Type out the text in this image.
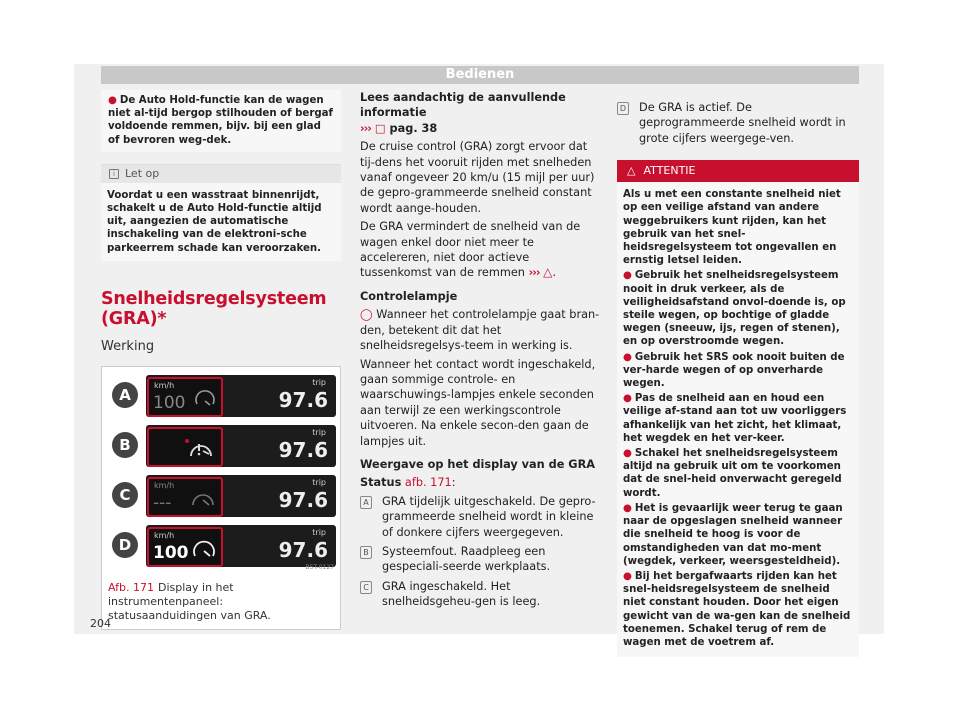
Bedienen
● De Auto Hold-functie kan de wagen niet al-tijd bergop stilhouden of bergaf voldoende remmen, bijv. bij een glad of bevroren weg-dek.
i Let op
Voordat u een wasstraat binnenrijdt, schakelt u de Auto Hold-functie altijd uit, aangezien de automatische inschakeling van de elektroni-sche parkeerrem schade kan veroorzaken.
Snelheidsregelsysteem (GRA)*
Werking
A
km/h
100
trip
97.6
B
trip
97.6
C
km/h
---
trip
97.6
D
km/h
100
trip
97.6
B5T-0127
Afb. 171 Display in het instrumentenpaneel: statusaanduidingen van GRA.

Lees aandachtig de aanvullende informatie
››› □ pag. 38

De cruise control (GRA) zorgt ervoor dat tij-dens het vooruit rijden met snelheden vanaf ongeveer 20 km/u (15 mijl per uur) de gepro-grammeerde snelheid constant wordt aange-houden.

De GRA vermindert de snelheid van de wagen enkel door niet meer te accelereren, niet door actieve tussenkomst van de remmen ››› △.

Controlelampje

◯ Wanneer het controlelampje gaat bran-den, betekent dit dat het snelheidsregelsys-teem in werking is.

Wanneer het contact wordt ingeschakeld, gaan sommige controle- en waarschuwings-lampjes enkele seconden aan terwijl ze een werkingscontrole uitvoeren. Na enkele secon-den gaan de lampjes uit.

Weergave op het display van de GRA

Status afb. 171:

A GRA tijdelijk uitgeschakeld. De gepro-grammeerde snelheid wordt in kleine of donkere cijfers weergegeven.
B Systeemfout. Raadpleeg een gespeciali-seerde werkplaats.
C GRA ingeschakeld. Het snelheidsgeheu-gen is leeg.
D De GRA is actief. De geprogrammeerde snelheid wordt in grote cijfers weergege-ven.
△ ATTENTIE

Als u met een constante snelheid niet op een veilige afstand van andere weggebruikers kunt rijden, kan het gebruik van het snel-heidsregelsysteem tot ongevallen en ernstig letsel leiden.

● Gebruik het snelheidsregelsysteem nooit in druk verkeer, als de veiligheidsafstand onvol-doende is, op steile wegen, op bochtige of gladde wegen (sneeuw, ijs, regen of stenen), en op overstroomde wegen.

● Gebruik het SRS ook nooit buiten de ver-harde wegen of op onverharde wegen.

● Pas de snelheid aan en houd een veilige af-stand aan tot uw voorliggers afhankelijk van het zicht, het klimaat, het wegdek en het ver-keer.

● Schakel het snelheidsregelsysteem altijd na gebruik uit om te voorkomen dat de snel-heid onverwacht geregeld wordt.

● Het is gevaarlijk weer terug te gaan naar de opgeslagen snelheid wanneer die snelheid te hoog is voor de omstandigheden van dat mo-ment (wegdek, verkeer, weersgesteldheid).

● Bij het bergafwaarts rijden kan het snel-heidsregelsysteem de snelheid niet constant houden. Door het eigen gewicht van de wa-gen kan de snelheid toenemen. Schakel terug of rem de wagen met de voetrem af.

204
